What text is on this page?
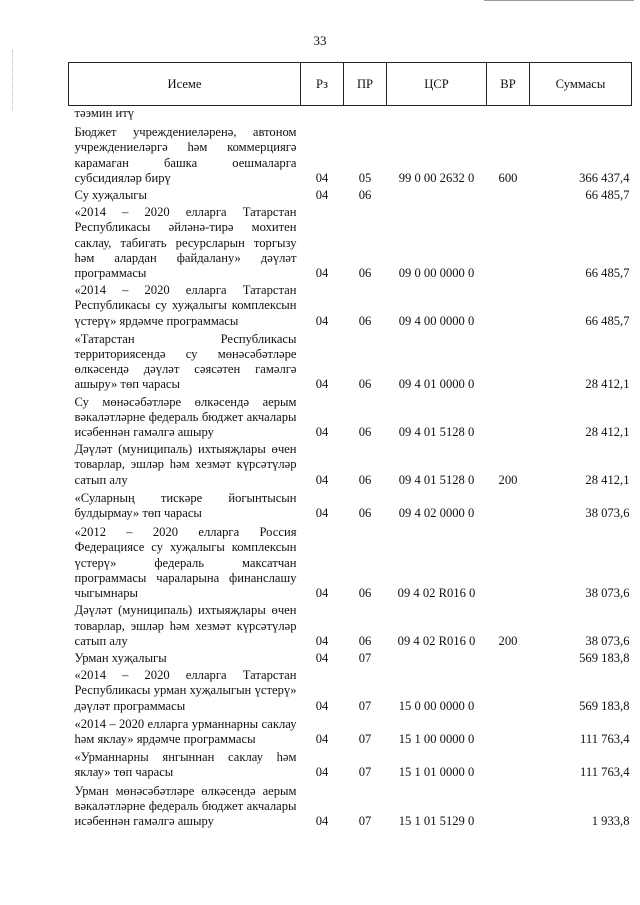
33
Исеме	Рз	ПР	ЦСР	ВР	Суммасы
тәэмин итү					
Бюджет учреждениеләренә, автоном учреждениеләргә һәм коммерциягә карамаган башка оешмаларга субсидияләр бирү	04	05	99 0 00 2632 0	600	366 437,4
Су хуҗалыгы	04	06			66 485,7
«2014 – 2020 елларга Татарстан Республикасы әйләнә-тирә мохитен саклау, табигать ресурсларын торгызу һәм алардан файдалану» дәүләт программасы	04	06	09 0 00 0000 0		66 485,7
«2014 – 2020 елларга Татарстан Республикасы су хуҗалыгы комплексын үстерү» ярдәмче программасы	04	06	09 4 00 0000 0		66 485,7
«Татарстан Республикасы территориясендә су мөнәсәбәтләре өлкәсендә дәүләт сәясәтен гамәлгә ашыру» төп чарасы	04	06	09 4 01 0000 0		28 412,1
Су мөнәсәбәтләре өлкәсендә аерым вәкаләтләрне федераль бюджет акчалары исәбеннән гамәлгә ашыру	04	06	09 4 01 5128 0		28 412,1
Дәүләт (муниципаль) ихтыяҗлары өчен товарлар, эшләр һәм хезмәт күрсәтүләр сатып алу	04	06	09 4 01 5128 0	200	28 412,1
«Суларның тискәре йогынтысын булдырмау» төп чарасы	04	06	09 4 02 0000 0		38 073,6
«2012 – 2020 елларга Россия Федерациясе су хуҗалыгы комплексын үстерү» федераль максатчан программасы чараларына финанслашу чыгымнары	04	06	09 4 02 R016 0		38 073,6
Дәүләт (муниципаль) ихтыяҗлары өчен товарлар, эшләр һәм хезмәт күрсәтүләр сатып алу	04	06	09 4 02 R016 0	200	38 073,6
Урман хуҗалыгы	04	07			569 183,8
«2014 – 2020 елларга Татарстан Республикасы урман хуҗалыгын үстерү» дәүләт программасы	04	07	15 0 00 0000 0		569 183,8
«2014 – 2020 елларга урманнарны саклау һәм яклау» ярдәмче программасы	04	07	15 1 00 0000 0		111 763,4
«Урманнарны янгыннан саклау һәм яклау» төп чарасы	04	07	15 1 01 0000 0		111 763,4
Урман мөнәсәбәтләре өлкәсендә аерым вәкаләтләрне федераль бюджет акчалары исәбеннән гамәлгә ашыру	04	07	15 1 01 5129 0		1 933,8
